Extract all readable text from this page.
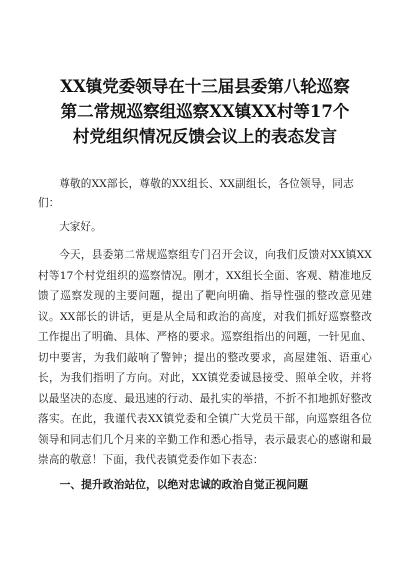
XX镇党委领导在十三届县委第八轮巡察
第二常规巡察组巡察XX镇XX村等17个
村党组织情况反馈会议上的表态发言

尊敬的XX部长，尊敬的XX组长、XX副组长，各位领导，同志们：

大家好。

今天，县委第二常规巡察组专门召开会议，向我们反馈对XX镇XX村等17个村党组织的巡察情况。刚才，XX组长全面、客观、精准地反馈了巡察发现的主要问题，提出了靶向明确、指导性强的整改意见建议。XX部长的讲话，更是从全局和政治的高度，对我们抓好巡察整改工作提出了明确、具体、严格的要求。巡察组指出的问题，一针见血、切中要害，为我们敲响了警钟；提出的整改要求，高屋建瓴、语重心长，为我们指明了方向。对此，XX镇党委诚恳接受、照单全收，并将以最坚决的态度、最迅速的行动、最扎实的举措，不折不扣地抓好整改落实。在此，我谨代表XX镇党委和全镇广大党员干部，向巡察组各位领导和同志们几个月来的辛勤工作和悉心指导，表示最衷心的感谢和最崇高的敬意！下面，我代表镇党委作如下表态：

一、提升政治站位，以绝对忠诚的政治自觉正视问题
